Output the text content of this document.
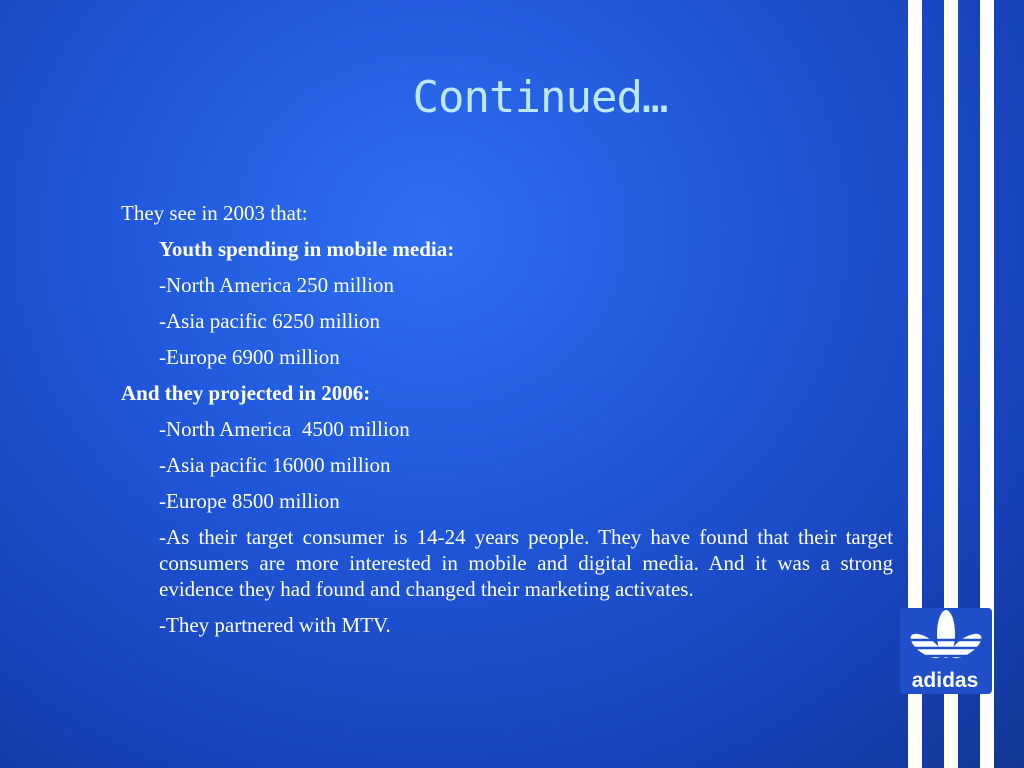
Continued…
They see in 2003 that:
Youth spending in mobile media:
-North America 250 million
-Asia pacific 6250 million
-Europe 6900 million
And they projected in 2006:
-North America  4500 million
-Asia pacific 16000 million
-Europe 8500 million
-As their target consumer is 14-24 years people. They have found that their target consumers are more interested in mobile and digital media. And it was a strong evidence they had found and changed their marketing activates.
-They partnered with MTV.
adidas
